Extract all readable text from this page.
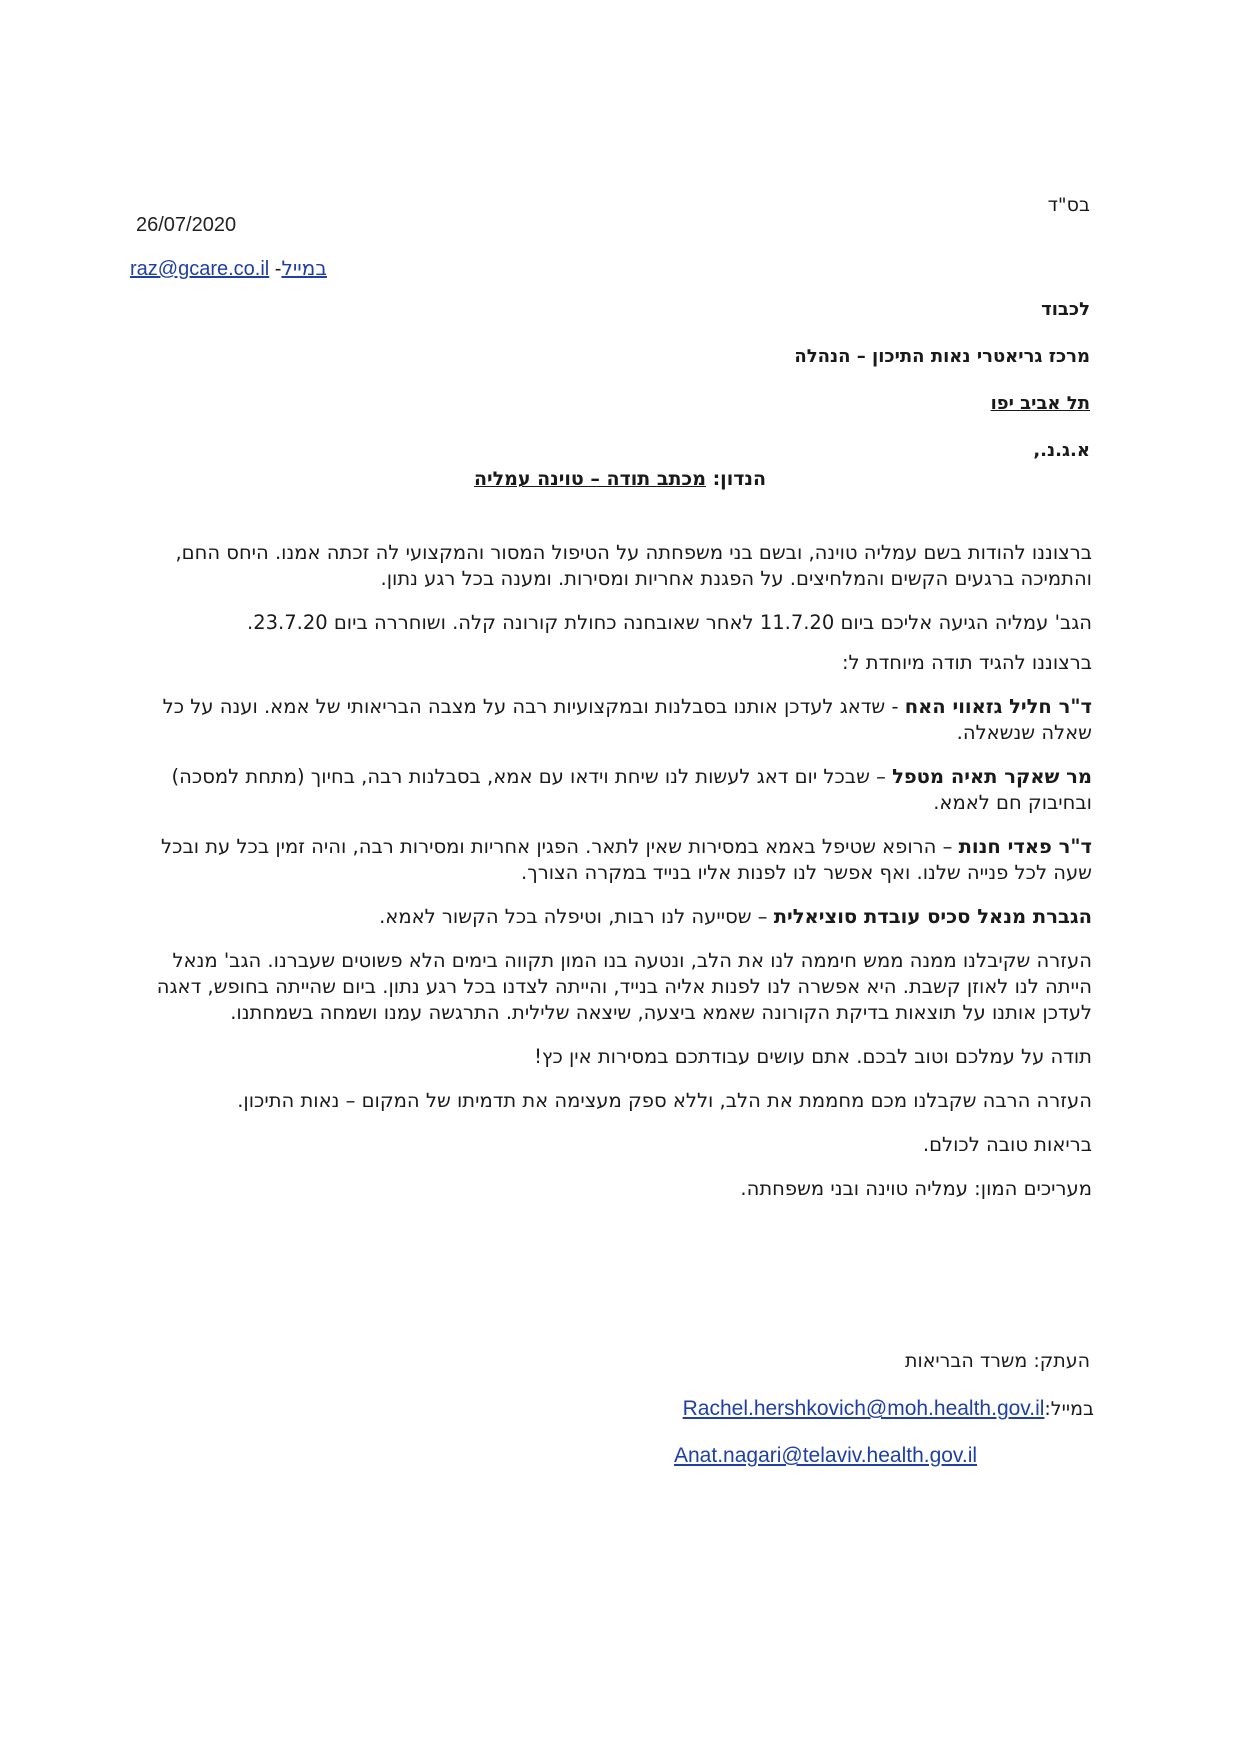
בס"ד
26/07/2020
raz@gcare.co.il -במייל
לכבוד
מרכז גריאטרי נאות התיכון – הנהלה
תל אביב יפו
א.ג.נ.,
הנדון: מכתב תודה – טוינה עמליה

ברצוננו להודות בשם עמליה טוינה, ובשם בני משפחתה על הטיפול המסור והמקצועי לה זכתה אמנו. היחס החם, והתמיכה ברגעים הקשים והמלחיצים. על הפגנת אחריות ומסירות. ומענה בכל רגע נתון.

הגב' עמליה הגיעה אליכם ביום 11.7.20 לאחר שאובחנה כחולת קורונה קלה. ושוחררה ביום 23.7.20.

ברצוננו להגיד תודה מיוחדת ל:

ד"ר חליל גזאווי האח - שדאג לעדכן אותנו בסבלנות ובמקצועיות רבה על מצבה הבריאותי של אמא. וענה על כל שאלה שנשאלה.

מר שאקר תאיה מטפל – שבכל יום דאג לעשות לנו שיחת וידאו עם אמא, בסבלנות רבה, בחיוך (מתחת למסכה) ובחיבוק חם לאמא.

ד"ר פאדי חנות – הרופא שטיפל באמא במסירות שאין לתאר. הפגין אחריות ומסירות רבה, והיה זמין בכל עת ובכל שעה לכל פנייה שלנו. ואף אפשר לנו לפנות אליו בנייד במקרה הצורך.

הגברת מנאל סכיס עובדת סוציאלית – שסייעה לנו רבות, וטיפלה בכל הקשור לאמא.

העזרה שקיבלנו ממנה ממש חיממה לנו את הלב, ונטעה בנו המון תקווה בימים הלא פשוטים שעברנו. הגב' מנאל הייתה לנו לאוזן קשבת. היא אפשרה לנו לפנות אליה בנייד, והייתה לצדנו בכל רגע נתון. ביום שהייתה בחופש, דאגה לעדכן אותנו על תוצאות בדיקת הקורונה שאמא ביצעה, שיצאה שלילית. התרגשה עמנו ושמחה בשמחתנו.

תודה על עמלכם וטוב לבכם. אתם עושים עבודתכם במסירות אין כץ!

העזרה הרבה שקבלנו מכם מחממת את הלב, וללא ספק מעצימה את תדמיתו של המקום – נאות התיכון.

בריאות טובה לכולם.

מעריכים המון: עמליה טוינה ובני משפחתה.

העתק: משרד הבריאות
במייל:Rachel.hershkovich@moh.health.gov.il
Anat.nagari@telaviv.health.gov.il
